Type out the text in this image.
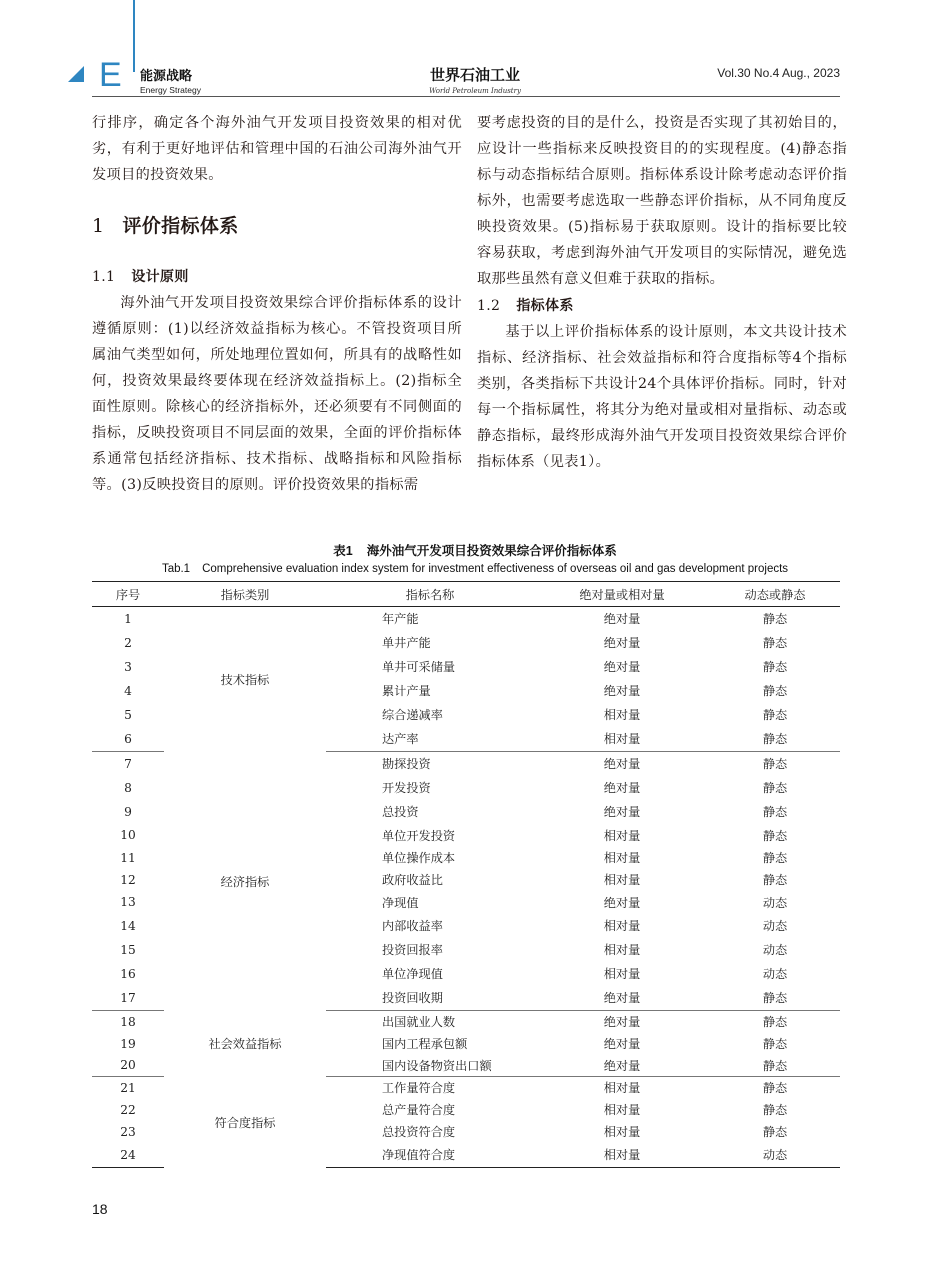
E 能源战略
Energy Strategy
世界石油工业
World Petroleum Industry
Vol.30 No.4 Aug., 2023

行排序，确定各个海外油气开发项目投资效果的相对优劣，有利于更好地评估和管理中国的石油公司海外油气开发项目的投资效果。

1 评价指标体系

1.1 设计原则

海外油气开发项目投资效果综合评价指标体系的设计遵循原则：(1)以经济效益指标为核心。不管投资项目所属油气类型如何，所处地理位置如何，所具有的战略性如何，投资效果最终要体现在经济效益指标上。(2)指标全面性原则。除核心的经济指标外，还必须要有不同侧面的指标，反映投资项目不同层面的效果，全面的评价指标体系通常包括经济指标、技术指标、战略指标和风险指标等。(3)反映投资目的原则。评价投资效果的指标需

要考虑投资的目的是什么，投资是否实现了其初始目的，应设计一些指标来反映投资目的的实现程度。(4)静态指标与动态指标结合原则。指标体系设计除考虑动态评价指标外，也需要考虑选取一些静态评价指标，从不同角度反映投资效果。(5)指标易于获取原则。设计的指标要比较容易获取，考虑到海外油气开发项目的实际情况，避免选取那些虽然有意义但难于获取的指标。

1.2 指标体系

基于以上评价指标体系的设计原则，本文共设计技术指标、经济指标、社会效益指标和符合度指标等4个指标类别，各类指标下共设计24个具体评价指标。同时，针对每一个指标属性，将其分为绝对量或相对量指标、动态或静态指标，最终形成海外油气开发项目投资效果综合评价指标体系（见表1）。

表1 海外油气开发项目投资效果综合评价指标体系
Tab.1 Comprehensive evaluation index system for investment effectiveness of overseas oil and gas development projects
序号	指标类别	指标名称	绝对量或相对量	动态或静态
1	技术指标	年产能	绝对量	静态
2		单井产能	绝对量	静态
3		单井可采储量	绝对量	静态
4		累计产量	绝对量	静态
5		综合递减率	相对量	静态
6		达产率	相对量	静态
7	经济指标	勘探投资	绝对量	静态
8		开发投资	绝对量	静态
9		总投资	绝对量	静态
10		单位开发投资	相对量	静态
11		单位操作成本	相对量	静态
12		政府收益比	相对量	静态
13		净现值	绝对量	动态
14		内部收益率	相对量	动态
15		投资回报率	相对量	动态
16		单位净现值	相对量	动态
17		投资回收期	绝对量	静态
18	社会效益指标	出国就业人数	绝对量	静态
19		国内工程承包额	绝对量	静态
20		国内设备物资出口额	绝对量	静态
21	符合度指标	工作量符合度	相对量	静态
22		总产量符合度	相对量	静态
23		总投资符合度	相对量	静态
24		净现值符合度	相对量	动态
18
